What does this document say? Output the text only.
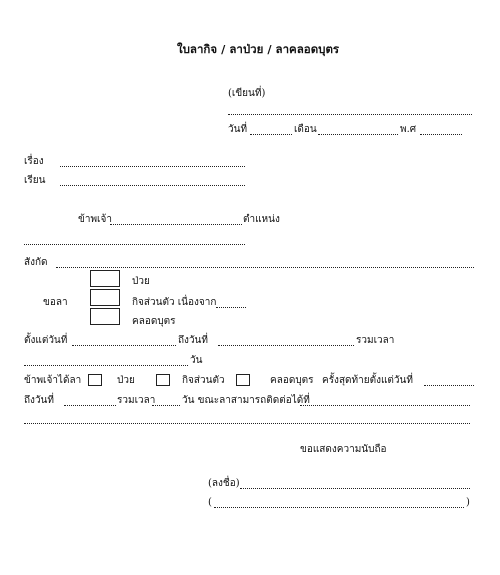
ใบลากิจ / ลาป่วย / ลาคลอดบุตร
(เขียนที่)
วันที่	เดือน	พ.ศ
เรื่อง
เรียน
ข้าพเจ้า	ตำแหน่ง
สังกัด
ป่วย
ขอลา	กิจส่วนตัว เนื่องจาก
คลอดบุตร
ตั้งแต่วันที่	ถึงวันที่	รวมเวลา
วัน
ข้าพเจ้าได้ลา	ป่วย	กิจส่วนตัว	คลอดบุตร ครั้งสุดท้ายตั้งแต่วันที่
ถึงวันที่	รวมเวลา	วัน ขณะลาสามารถติดต่อได้ที่
ขอแสดงความนับถือ
(ลงชื่อ)
(	)
